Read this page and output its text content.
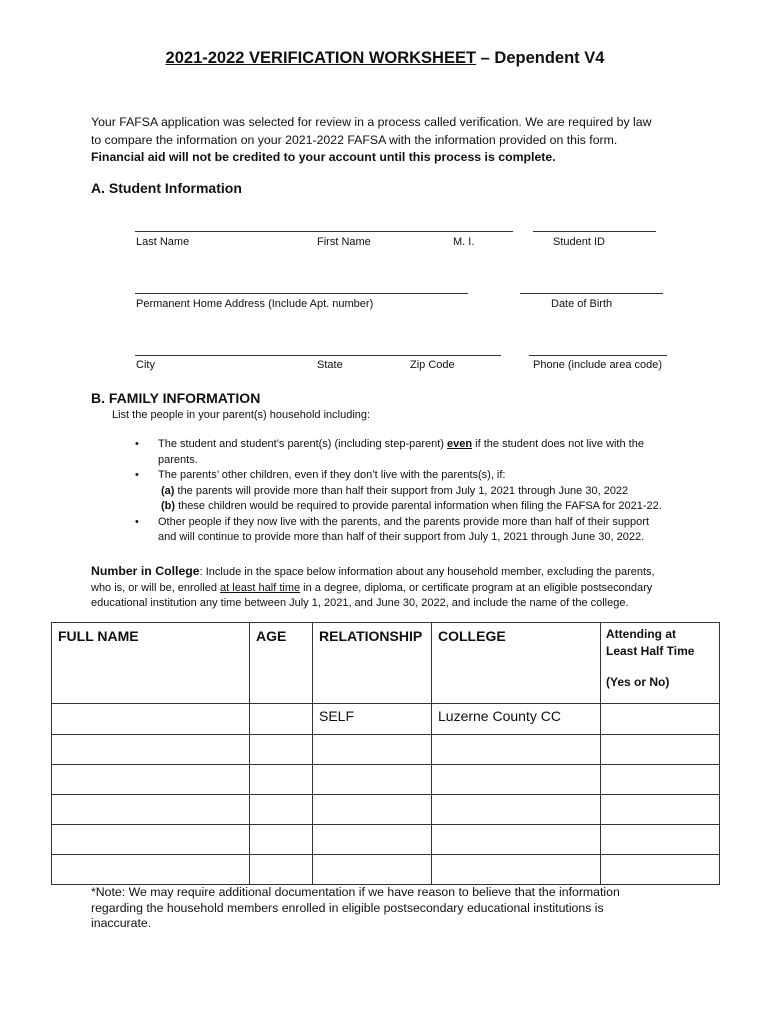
2021-2022 VERIFICATION WORKSHEET – Dependent V4
Your FAFSA application was selected for review in a process called verification. We are required by law
to compare the information on your 2021-2022 FAFSA with the information provided on this form.
Financial aid will not be credited to your account until this process is complete.
A. Student Information
Last Name	First Name	M. I.	Student ID
Permanent Home Address (Include Apt. number)	Date of Birth
City	State	Zip Code	Phone (include area code)
B. FAMILY INFORMATION
List the people in your parent(s) household including:
• The student and student’s parent(s) (including step-parent) even if the student does not live with the
parents.
• The parents’ other children, even if they don’t live with the parents(s), if:
(a) the parents will provide more than half their support from July 1, 2021 through June 30, 2022
(b) these children would be required to provide parental information when filing the FAFSA for 2021-22.
• Other people if they now live with the parents, and the parents provide more than half of their support
and will continue to provide more than half of their support from July 1, 2021 through June 30, 2022.
Number in College: Include in the space below information about any household member, excluding the parents,
who is, or will be, enrolled at least half time in a degree, diploma, or certificate program at an eligible postsecondary
educational institution any time between July 1, 2021, and June 30, 2022, and include the name of the college.
FULL NAME	AGE	RELATIONSHIP	COLLEGE	Attending at
Least Half Time
(Yes or No)

		SELF	Luzerne County CC	

*Note: We may require additional documentation if we have reason to believe that the information
regarding the household members enrolled in eligible postsecondary educational institutions is
inaccurate.
